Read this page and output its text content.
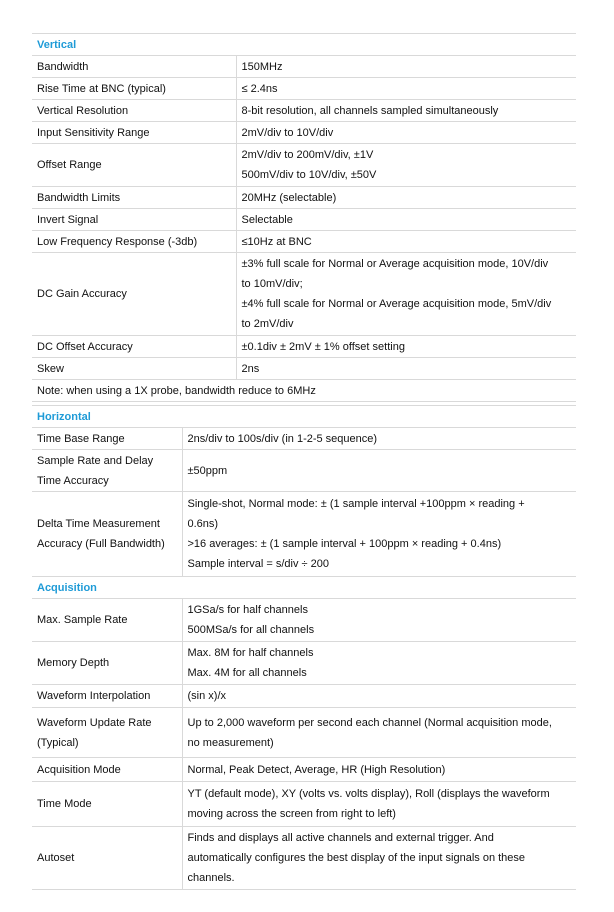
Vertical	
Bandwidth	150MHz

Rise Time at BNC (typical)	≤ 2.4ns

Vertical Resolution	8-bit resolution, all channels sampled simultaneously

Input Sensitivity Range	2mV/div to 10V/div

Offset Range	2mV/div to 200mV/div, ±1V
500mV/div to 10V/div, ±50V

Bandwidth Limits	20MHz (selectable)

Invert Signal	Selectable

Low Frequency Response (-3db)	≤10Hz at BNC

DC Gain Accuracy	±3% full scale for Normal or Average acquisition mode, 10V/div
to 10mV/div;
±4% full scale for Normal or Average acquisition mode, 5mV/div
to 2mV/div

DC Offset Accuracy	±0.1div ± 2mV ± 1% offset setting

Skew	2ns

Note: when using a 1X probe, bandwidth reduce to 6MHz	
Horizontal	

Time Base Range	2ns/div to 100s/div (in 1-2-5 sequence)

Sample Rate and Delay
Time Accuracy	±50ppm

Delta Time Measurement
Accuracy (Full Bandwidth)	Single-shot, Normal mode: ± (1 sample interval +100ppm × reading +
0.6ns)
>16 averages: ± (1 sample interval + 100ppm × reading + 0.4ns)
Sample interval = s/div ÷ 200
Acquisition	

Max. Sample Rate	1GSa/s for half channels
500MSa/s for all channels

Memory Depth	Max. 8M for half channels
Max. 4M for all channels

Waveform Interpolation	(sin x)/x

Waveform Update Rate
(Typical)	Up to 2,000 waveform per second each channel (Normal acquisition mode,
no measurement)

Acquisition Mode	Normal, Peak Detect, Average, HR (High Resolution)

Time Mode	YT (default mode), XY (volts vs. volts display), Roll (displays the waveform
moving across the screen from right to left)

Autoset	Finds and displays all active channels and external trigger. And
automatically configures the best display of the input signals on these
channels.
